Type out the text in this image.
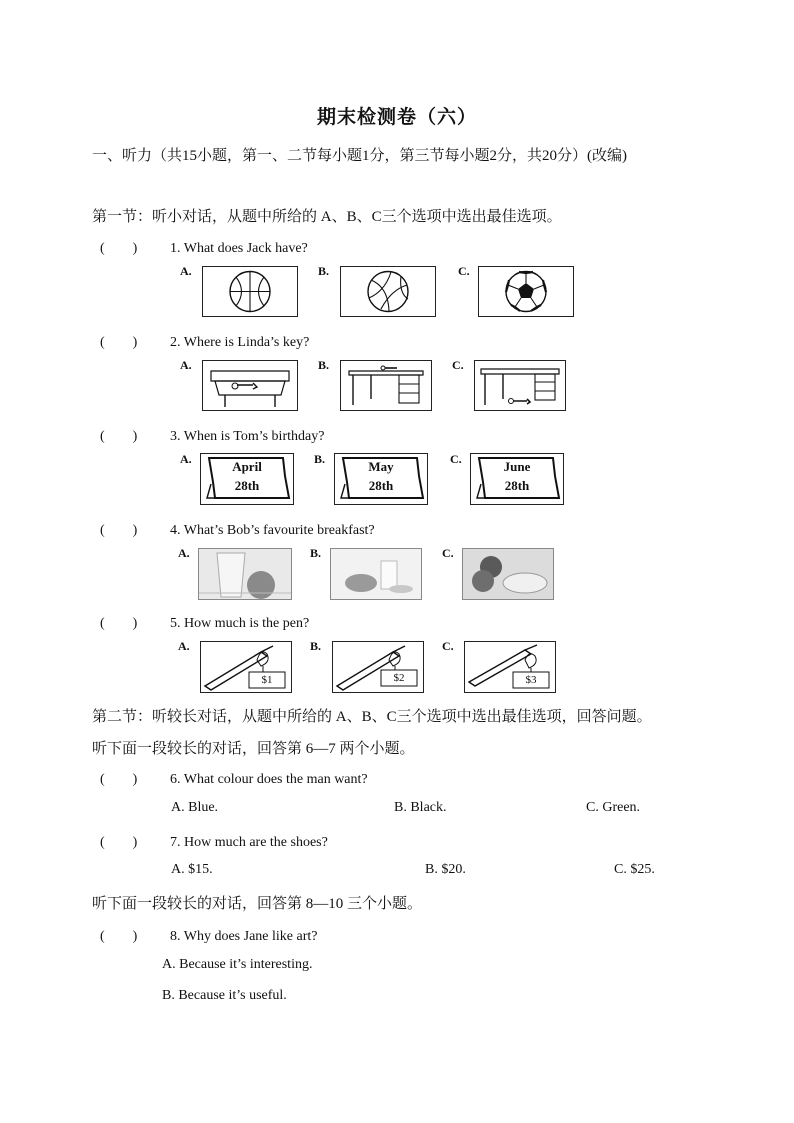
期末检测卷（六）
一、听力（共15小题，第一、二节每小题1分，第三节每小题2分，共20分）(改编)
第一节：听小对话，从题中所给的 A、B、C三个选项中选出最佳选项。
(　　) 1. What does Jack have?
A.	B.	C.
(　　) 2. Where is Linda’s key?
A.	B.	C.
(　　) 3. When is Tom’s birthday?
A.	April
28th
B.	May
28th
C.	June
28th
(　　) 4. What’s Bob’s favourite breakfast?
A.	B.	C.
(　　) 5. How much is the pen?
A.
$1
B.
$2
C.
$3
第二节：听较长对话，从题中所给的 A、B、C三个选项中选出最佳选项，回答问题。
听下面一段较长的对话，回答第 6—7 两个小题。
(　　) 6. What colour does the man want?
A. Blue.	B. Black.	C. Green.
(　　) 7. How much are the shoes?
A. $15.	B. $20.	C. $25.
听下面一段较长的对话，回答第 8—10 三个小题。
(　　) 8. Why does Jane like art?
A. Because it’s interesting.
B. Because it’s useful.
